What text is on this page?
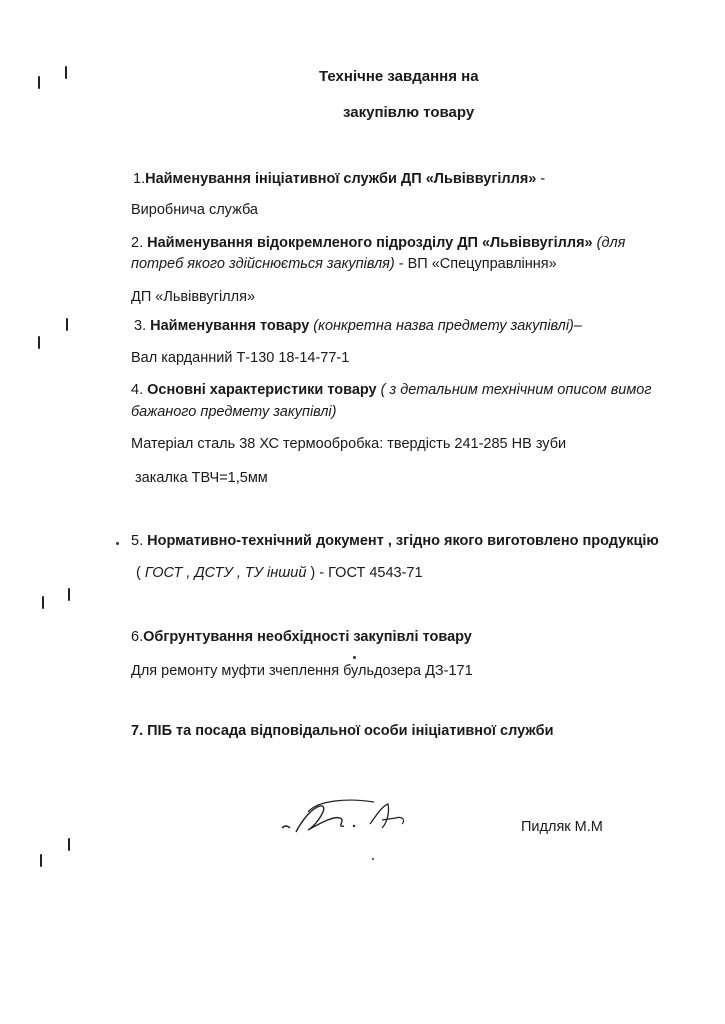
Технічне завдання на
закупівлю товару
1.Найменування ініціативної служби ДП «Львіввугілля» -
Виробнича служба
2. Найменування відокремленого підрозділу ДП «Львіввугілля» (для
потреб якого здійснюється закупівля) - ВП «Спецуправління»
ДП «Львіввугілля»
3. Найменування товару (конкретна назва предмету закупівлі)–
Вал карданний Т-130 18-14-77-1
4. Основні характеристики товару ( з детальним технічним описом вимог
бажаного предмету закупівлі)
Матеріал сталь 38 ХС термообробка: твердість 241-285 НВ зуби
закалка ТВЧ=1,5мм
5. Нормативно-технічний документ , згідно якого виготовлено продукцію
( ГОСТ , ДСТУ , ТУ інший ) - ГОСТ 4543-71
6.Обгрунтування необхідності закупівлі товару
Для ремонту муфти зчеплення бульдозера ДЗ-171
7. ПІБ та посада відповідальної особи ініціативної служби
Пидляк М.М
